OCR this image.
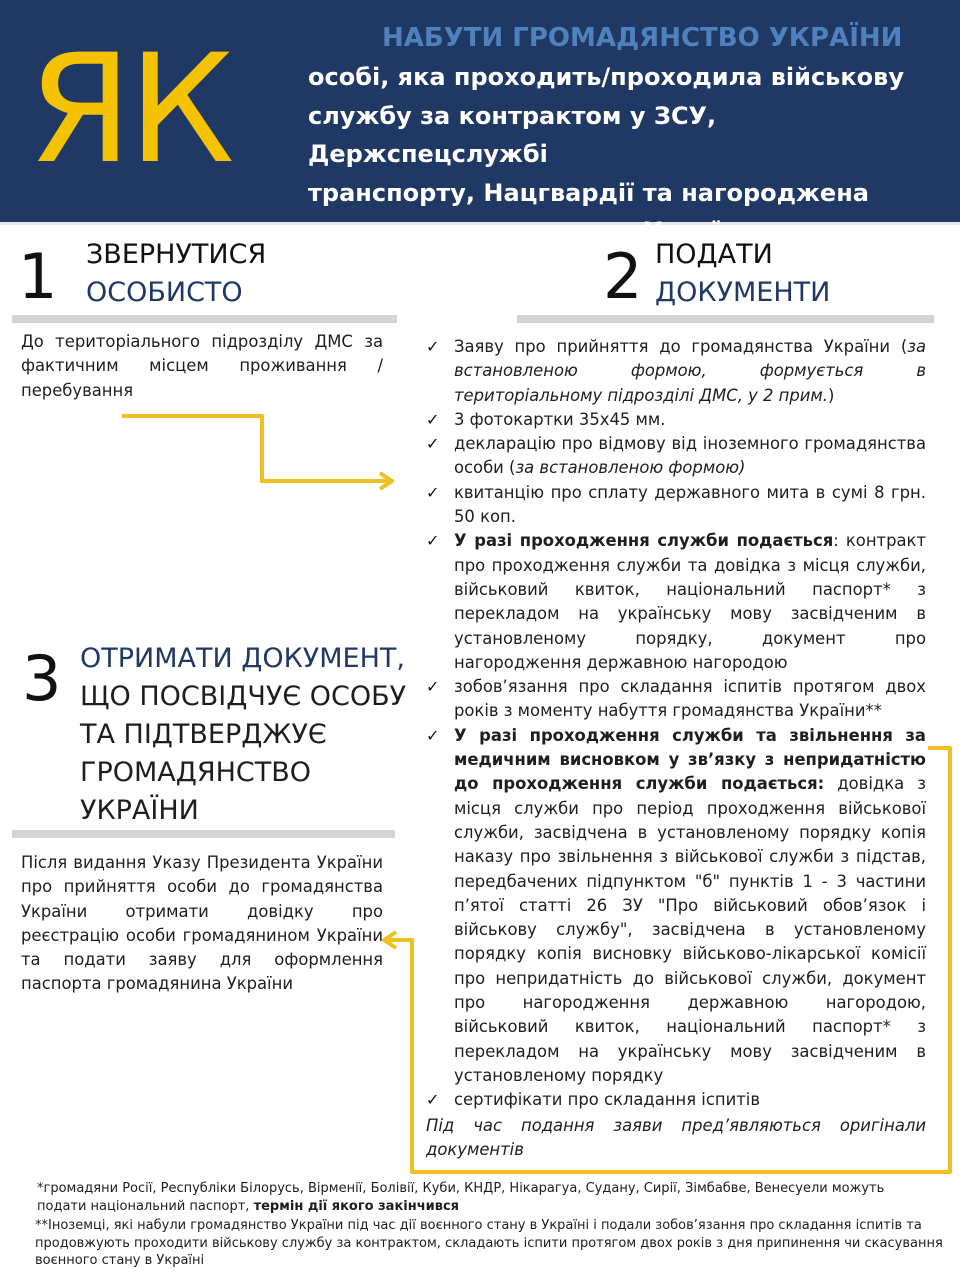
ЯК	НАБУТИ ГРОМАДЯНСТВО УКРАЇНИ
особі, яка проходить/проходила військову
службу за контрактом у ЗСУ, Держспецслужбі
транспорту, Нацгвардії та нагороджена
державною нагородою України
1 ЗВЕРНУТИСЯ
ОСОБИСТО
До територіального підрозділу ДМС за фактичним місцем проживання / перебування
2 ПОДАТИ
ДОКУМЕНТИ
✓ Заяву про прийняття до громадянства України (за встановленою формою, формується в територіальному підрозділі ДМС, у 2 прим.)
✓ 3 фотокартки 35х45 мм.
✓ декларацію про відмову від іноземного громадянства особи (за встановленою формою)
✓ квитанцію про сплату державного мита в сумі 8 грн. 50 коп.
✓ У разі проходження служби подається: контракт про проходження служби та довідка з місця служби, військовий квиток, національний паспорт* з перекладом на українську мову засвідченим в установленому порядку, документ про нагородження державною нагородою
✓ зобов’язання про складання іспитів протягом двох років з моменту набуття громадянства України**
✓ У разі проходження служби та звільнення за медичним висновком у зв’язку з непридатністю до проходження служби подається: довідка з місця служби про період проходження військової служби, засвідчена в установленому порядку копія наказу про звільнення з військової служби з підстав, передбачених підпунктом "б" пунктів 1 - 3 частини п’ятої статті 26 ЗУ "Про військовий обов’язок і військову службу", засвідчена в установленому порядку копія висновку військово-лікарської комісії про непридатність до військової служби, документ про нагородження державною нагородою, військовий квиток, національний паспорт* з перекладом на українську мову засвідченим в установленому порядку
✓ сертифікати про складання іспитів
Під час подання заяви пред’являються оригінали документів
3 ОТРИМАТИ ДОКУМЕНТ,
ЩО ПОСВІДЧУЄ ОСОБУ
ТА ПІДТВЕРДЖУЄ
ГРОМАДЯНСТВО
УКРАЇНИ
Після видання Указу Президента України про прийняття особи до громадянства України отримати довідку про реєстрацію особи громадянином України та подати заяву для оформлення паспорта громадянина України
*громадяни Росії, Республіки Білорусь, Вірменії, Болівії, Куби, КНДР, Нікарагуа, Судану, Сирії, Зімбабве, Венесуели можуть подати національний паспорт, термін дії якого закінчився
**Іноземці, які набули громадянство України під час дії воєнного стану в Україні і подали зобов’язання про складання іспитів та продовжують проходити військову службу за контрактом, складають іспити протягом двох років з дня припинення чи скасування воєнного стану в Україні
